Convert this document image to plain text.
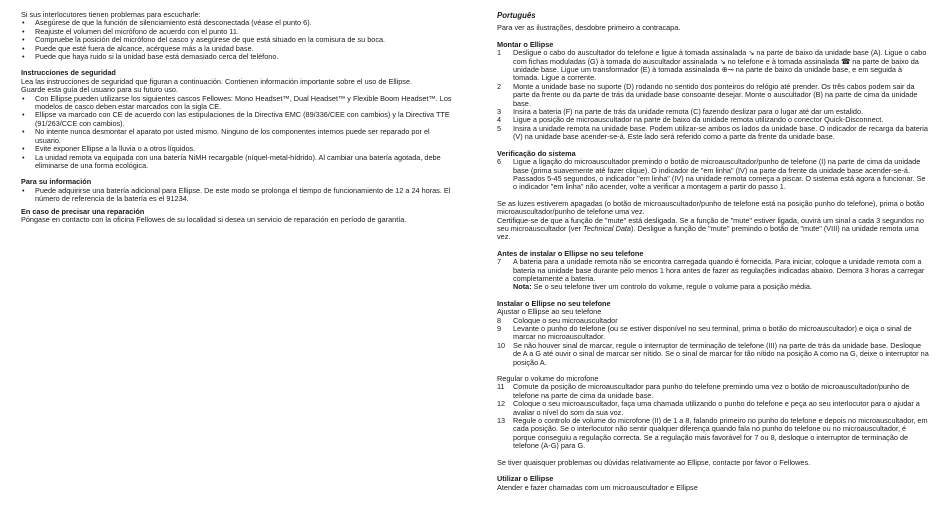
Si sus interlocutores tienen problemas para escucharle:

• Asegúrese de que la función de silenciamiento está desconectada (véase el punto 6).
• Reajuste el volumen del micrófono de acuerdo con el punto 11.
• Compruebe la posición del micrófono del casco y asegúrese de que está situado en la comisura de su boca.
• Puede que esté fuera de alcance, acérquese más a la unidad base.
• Puede que haya ruido si la unidad base está demasiado cerca del teléfono.

Instrucciones de seguridad

Lea las instrucciones de seguridad que figuran a continuación. Contienen información importante sobre el uso de Ellipse.

Guarde esta guía del usuario para su futuro uso.

• Con Ellipse pueden utilizarse los siguientes cascos Fellowes: Mono Headset™, Dual Headset™ y Flexible Boom Headset™. Los modelos de casco deben estar marcados con la sigla CE.
• Ellipse va marcado con CE de acuerdo con las estipulaciones de la Directiva EMC (89/336/CEE con cambios) y la Directiva TTE (91/263/CCE con cambios).
• No intente nunca desmontar el aparato por usted mismo. Ninguno de los componentes internos puede ser reparado por el usuario.
• Evite exponer Ellipse a la lluvia o a otros líquidos.
• La unidad remota va equipada con una batería NiMH recargable (níquel-metal-hídrido). Al cambiar una batería agotada, debe eliminarse de una forma ecológica.

Para su información

• Puede adquirirse una batería adicional para Ellipse. De este modo se prolonga el tiempo de funcionamiento de 12 a 24 horas. El número de referencia de la batería es el 91234.

En caso de precisar una reparación

Póngase en contacto con la oficina Fellowes de su localidad si desea un servicio de reparación en período de garantía.

Português

Para ver as ilustrações, desdobre primeiro a contracapa.

Montar o Ellipse

1 Desligue o cabo do auscultador do telefone e ligue à tomada assinalada ↘ na parte de baixo da unidade base (A). Ligue o cabo com fichas moduladas (G) à tomada do auscultador assinalada ↘ no telefone e à tomada assinalada ☎ na parte de baixo da unidade base. Ligue um transformador (E) à tomada assinalada ⊕⊸ na parte de baixo da unidade base, e em seguida à tomada. Ligue a corrente.
2 Monte a unidade base no suporte (D) rodando no sentido dos ponteiros do relógio até prender. Os três cabos podem sair da parte da frente ou da parte de trás da unidade base consoante desejar. Monte o auscultador (B) na parte de cima da unidade base.
3 Insira a bateria (F) na parte de trás da unidade remota (C) fazendo deslizar para o lugar até dar um estalido.
4 Ligue a posição de microauscultador na parte de baixo da unidade remota utilizando o conector Quick-Disconnect.
5 Insira a unidade remota na unidade base. Podem utilizar-se ambos os lados da unidade base. O indicador de recarga da bateria (V) na unidade base acender-se-á. Este lado será referido como a parte da frente da unidade base.

Verificação do sistema

6 Ligue a ligação do microauscultador premindo o botão de microauscultador/punho de telefone (I) na parte de cima da unidade base (prima suavemente até fazer clique). O indicador de "em linha" (IV) na parte da frente da unidade base acender-se-á. Passados 5-45 segundos, o indicador "em linha" (IV) na unidade remota começa a piscar. O sistema está agora a funcionar. Se o indicador "em linha" não acender, volte a verificar a montagem a partir do passo 1.

Se as luzes estiverem apagadas (o botão de microauscultador/punho de telefone está na posição punho do telefone), prima o botão microauscultador/punho de telefone uma vez.

Certifique-se de que a função de "mute" está desligada. Se a função de "mute" estiver ligada, ouvirá um sinal a cada 3 segundos no seu microauscultador (ver Technical Data). Desligue a função de "mute" premindo o botão de "mute" (VIII) na unidade remota uma vez.

Antes de instalar o Ellipse no seu telefone

7 A bateria para a unidade remota não se encontra carregada quando é fornecida. Para iniciar, coloque a unidade remota com a bateria na unidade base durante pelo menos 1 hora antes de fazer as regulações indicadas abaixo. Demora 3 horas a carregar completamente a bateria.
Nota: Se o seu telefone tiver um controlo do volume, regule o volume para a posição média.

Instalar o Ellipse no seu telefone

Ajustar o Ellipse ao seu telefone

8 Coloque o seu microauscultador
9 Levante o punho do telefone (ou se estiver disponível no seu terminal, prima o botão do microauscultador) e oiça o sinal de marcar no microauscultador.
10 Se não houver sinal de marcar, regule o interruptor de terminação de telefone (III) na parte de trás da unidade base. Desloque de A a G até ouvir o sinal de marcar ser nítido. Se o sinal de marcar for tão nítido na posição A como na G, deixe o interruptor na posição A.

Regular o volume do microfone

11 Comute da posição de microauscultador para punho do telefone premindo uma vez o botão de microauscultador/punho de telefone na parte de cima da unidade base.
12 Coloque o seu microauscultador, faça uma chamada utilizando o punho do telefone e peça ao seu interlocutor para o ajudar a avaliar o nível do som da sua voz.
13 Regule o controlo de volume do microfone (II) de 1 a 8, falando primeiro no punho do telefone e depois no microauscultador, em cada posição. Se o interlocutor não sentir qualquer diferença quando fala no punho do telefone ou no microauscultador, é porque conseguiu a regulação correcta. Se a regulação mais favorável for 7 ou 8, desloque o interruptor de terminação de telefone (A-G) para G.

Se tiver quaisquer problemas ou dúvidas relativamente ao Ellipse, contacte por favor o Fellowes.

Utilizar o Ellipse

Atender e fazer chamadas com um microauscultador e Ellipse
